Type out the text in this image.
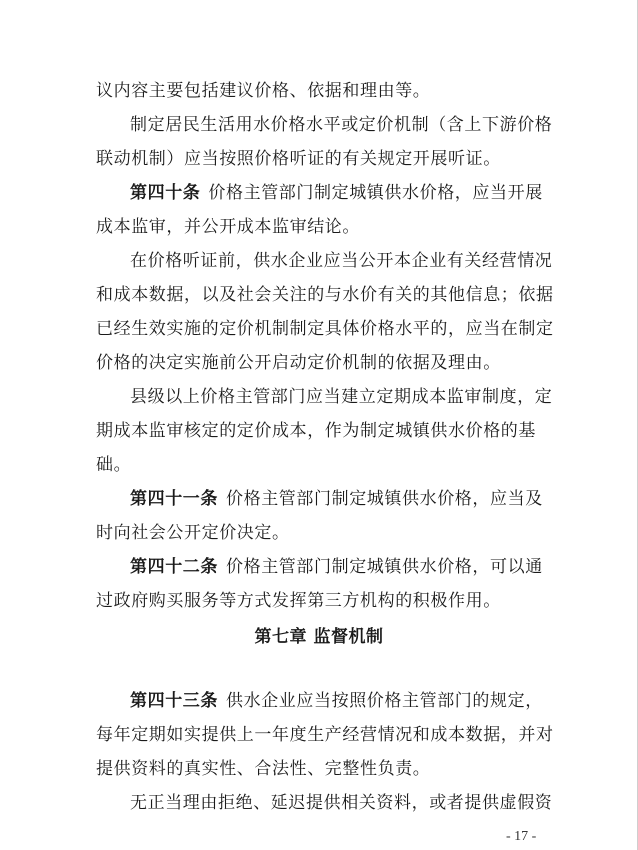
议内容主要包括建议价格、依据和理由等。
制定居民生活用水价格水平或定价机制（含上下游价格
联动机制）应当按照价格听证的有关规定开展听证。
第四十条 价格主管部门制定城镇供水价格，应当开展
成本监审，并公开成本监审结论。
在价格听证前，供水企业应当公开本企业有关经营情况
和成本数据，以及社会关注的与水价有关的其他信息；依据
已经生效实施的定价机制制定具体价格水平的，应当在制定
价格的决定实施前公开启动定价机制的依据及理由。
县级以上价格主管部门应当建立定期成本监审制度，定
期成本监审核定的定价成本，作为制定城镇供水价格的基
础。
第四十一条 价格主管部门制定城镇供水价格，应当及
时向社会公开定价决定。
第四十二条 价格主管部门制定城镇供水价格，可以通
过政府购买服务等方式发挥第三方机构的积极作用。
第七章 监督机制
第四十三条 供水企业应当按照价格主管部门的规定，
每年定期如实提供上一年度生产经营情况和成本数据，并对
提供资料的真实性、合法性、完整性负责。
无正当理由拒绝、延迟提供相关资料，或者提供虚假资
- 17 -
